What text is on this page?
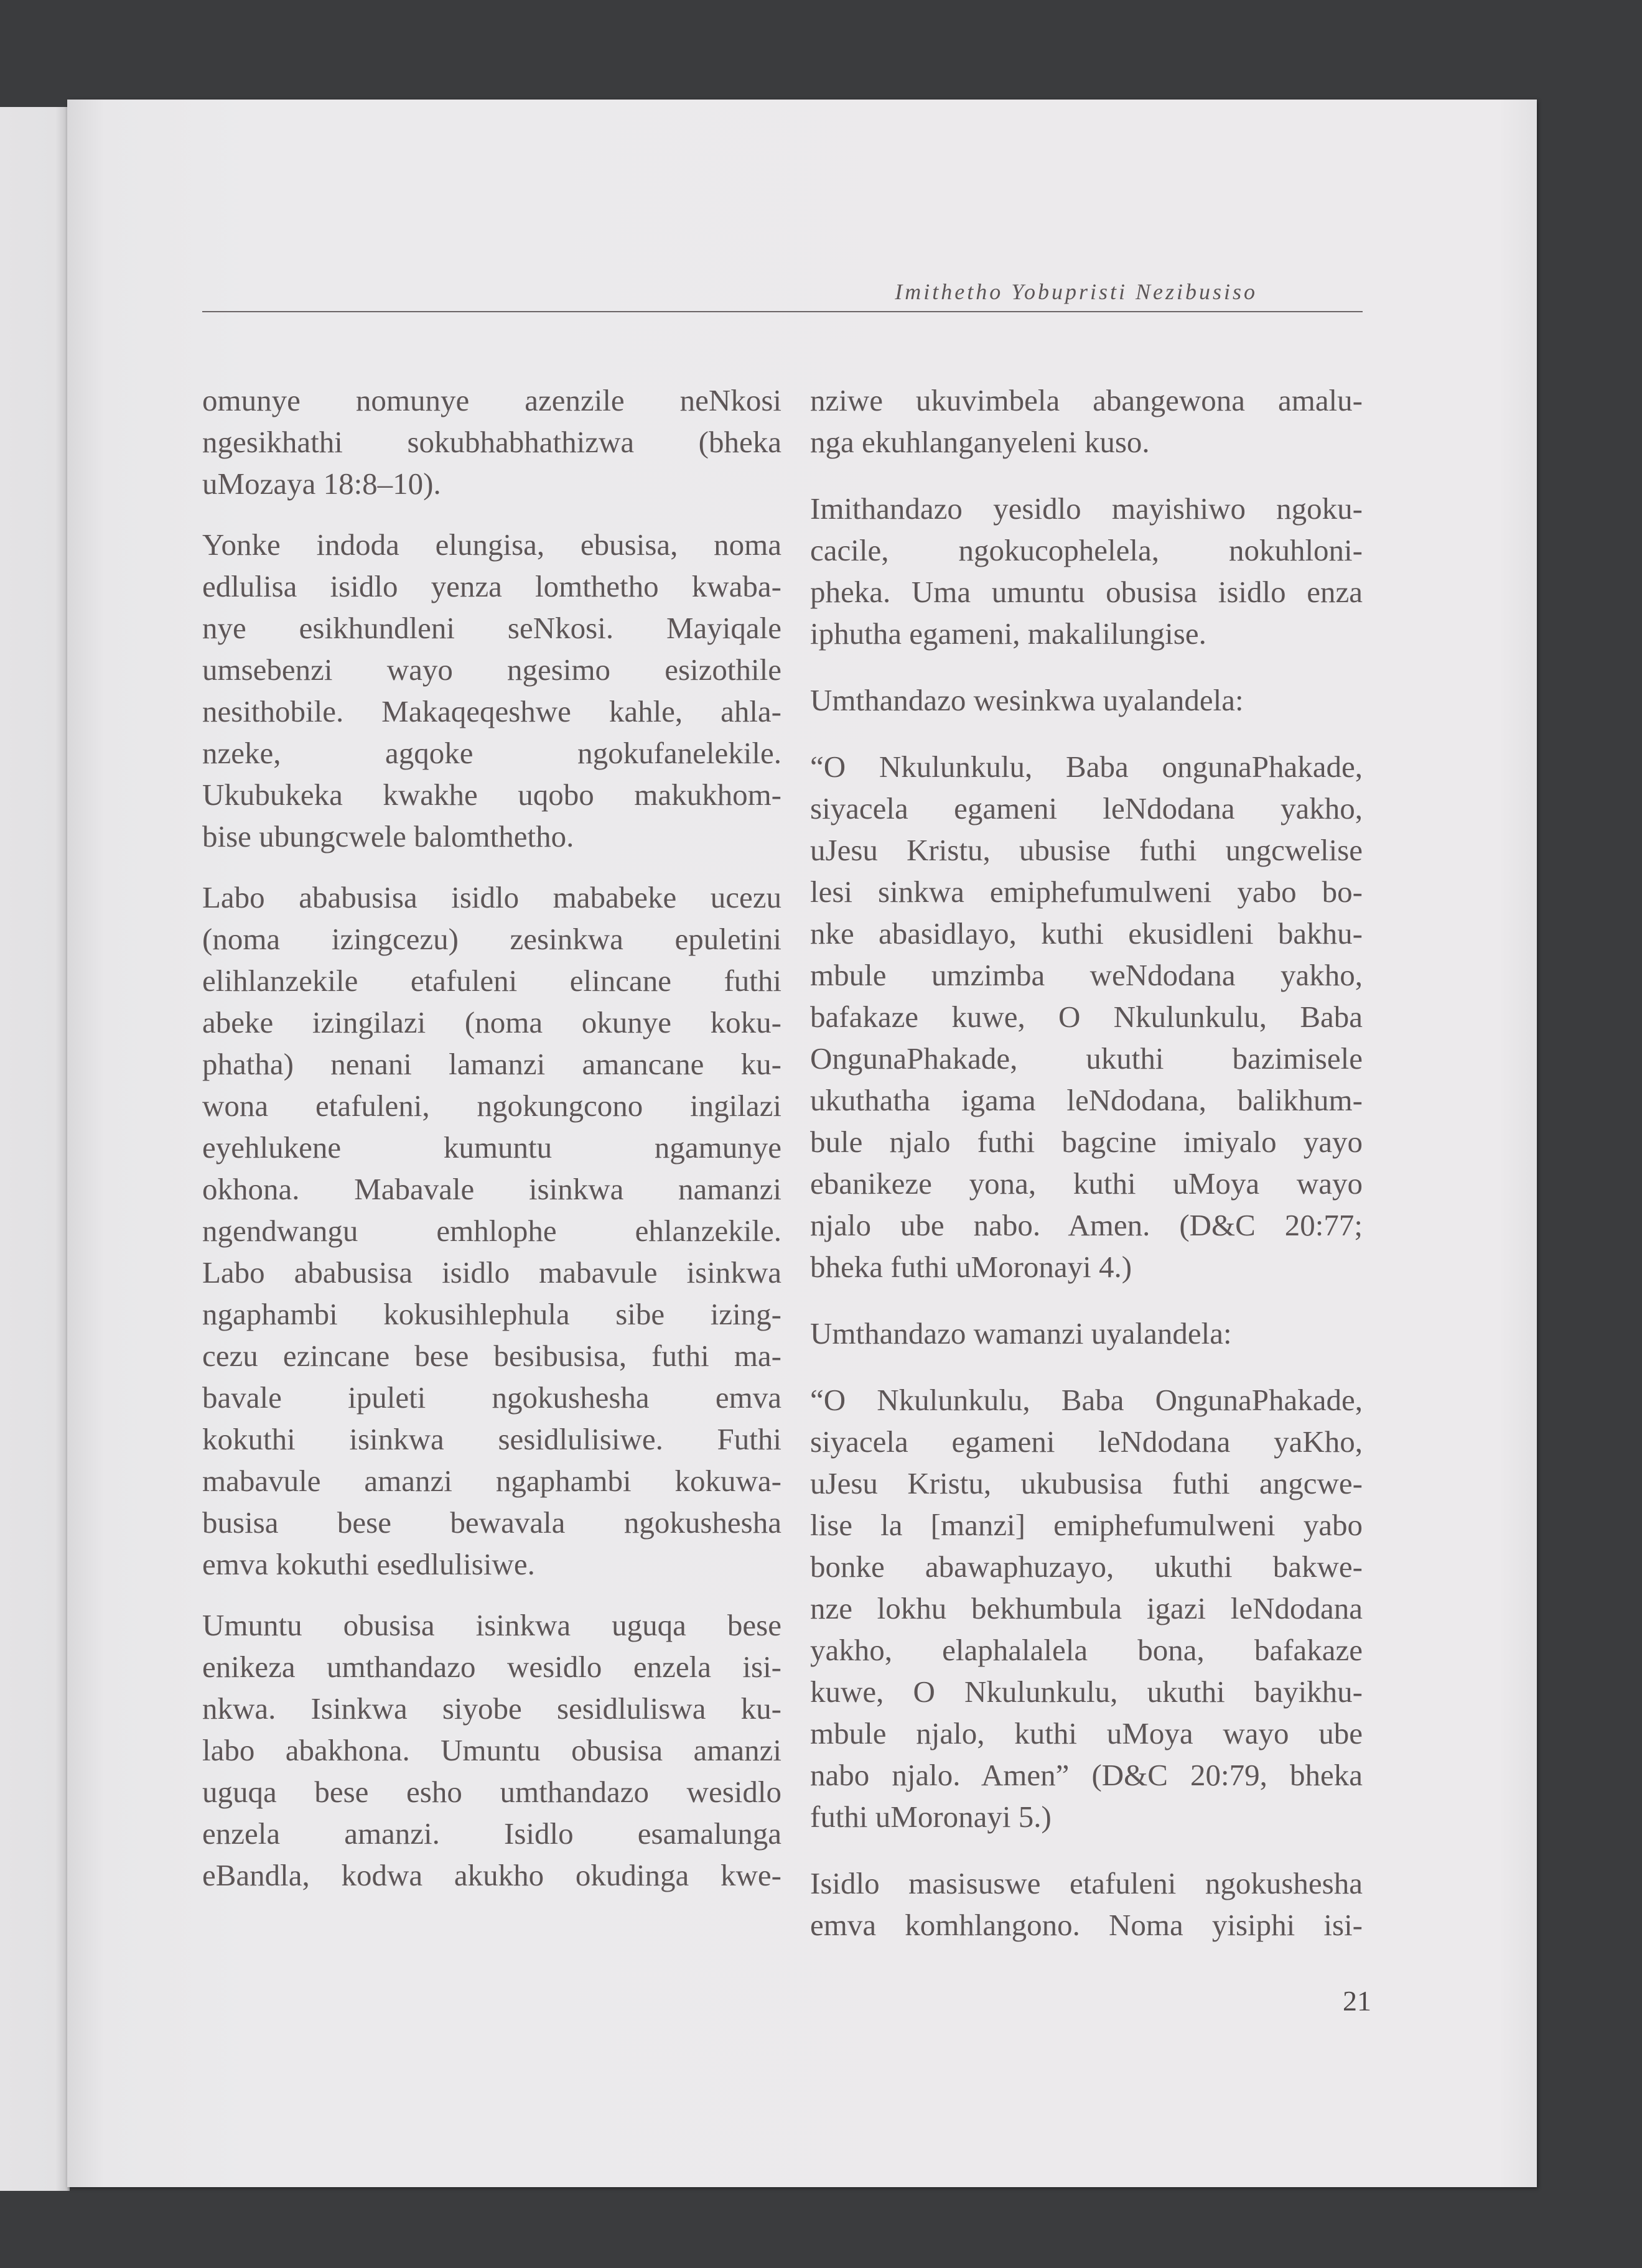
Imithetho Yobupristi Nezibusiso
omunye nomunye azenzile neNkosi
ngesikhathi sokubhabhathizwa (bheka
uMozaya 18:8–10).
Yonke indoda elungisa, ebusisa, noma
edlulisa isidlo yenza lomthetho kwaba-
nye esikhundleni seNkosi. Mayiqale
umsebenzi wayo ngesimo esizothile
nesithobile. Makaqeqeshwe kahle, ahla-
nzeke, agqoke ngokufanelekile.
Ukubukeka kwakhe uqobo makukhom-
bise ubungcwele balomthetho.
Labo ababusisa isidlo mababeke ucezu
(noma izingcezu) zesinkwa epuletini
elihlanzekile etafuleni elincane futhi
abeke izingilazi (noma okunye koku-
phatha) nenani lamanzi amancane ku-
wona etafuleni, ngokungcono ingilazi
eyehlukene kumuntu ngamunye
okhona. Mabavale isinkwa namanzi
ngendwangu emhlophe ehlanzekile.
Labo ababusisa isidlo mabavule isinkwa
ngaphambi kokusihlephula sibe izing-
cezu ezincane bese besibusisa, futhi ma-
bavale ipuleti ngokushesha emva
kokuthi isinkwa sesidlulisiwe. Futhi
mabavule amanzi ngaphambi kokuwa-
busisa bese bewavala ngokushesha
emva kokuthi esedlulisiwe.
Umuntu obusisa isinkwa uguqa bese
enikeza umthandazo wesidlo enzela isi-
nkwa. Isinkwa siyobe sesidluliswa ku-
labo abakhona. Umuntu obusisa amanzi
uguqa bese esho umthandazo wesidlo
enzela amanzi. Isidlo esamalunga
eBandla, kodwa akukho okudinga kwe-
nziwe ukuvimbela abangewona amalu-
nga ekuhlanganyeleni kuso.
Imithandazo yesidlo mayishiwo ngoku-
cacile, ngokucophelela, nokuhloni-
pheka. Uma umuntu obusisa isidlo enza
iphutha egameni, makalilungise.
Umthandazo wesinkwa uyalandela:
“O Nkulunkulu, Baba ongunaPhakade,
siyacela egameni leNdodana yakho,
uJesu Kristu, ubusise futhi ungcwelise
lesi sinkwa emiphefumulweni yabo bo-
nke abasidlayo, kuthi ekusidleni bakhu-
mbule umzimba weNdodana yakho,
bafakaze kuwe, O Nkulunkulu, Baba
OngunaPhakade, ukuthi bazimisele
ukuthatha igama leNdodana, balikhum-
bule njalo futhi bagcine imiyalo yayo
ebanikeze yona, kuthi uMoya wayo
njalo ube nabo. Amen. (D&C 20:77;
bheka futhi uMoronayi 4.)
Umthandazo wamanzi uyalandela:
“O Nkulunkulu, Baba OngunaPhakade,
siyacela egameni leNdodana yaKho,
uJesu Kristu, ukubusisa futhi angcwe-
lise la [manzi] emiphefumulweni yabo
bonke abawaphuzayo, ukuthi bakwe-
nze lokhu bekhumbula igazi leNdodana
yakho, elaphalalela bona, bafakaze
kuwe, O Nkulunkulu, ukuthi bayikhu-
mbule njalo, kuthi uMoya wayo ube
nabo njalo. Amen” (D&C 20:79, bheka
futhi uMoronayi 5.)
Isidlo masisuswe etafuleni ngokushesha
emva komhlangono. Noma yisiphi isi-
21
